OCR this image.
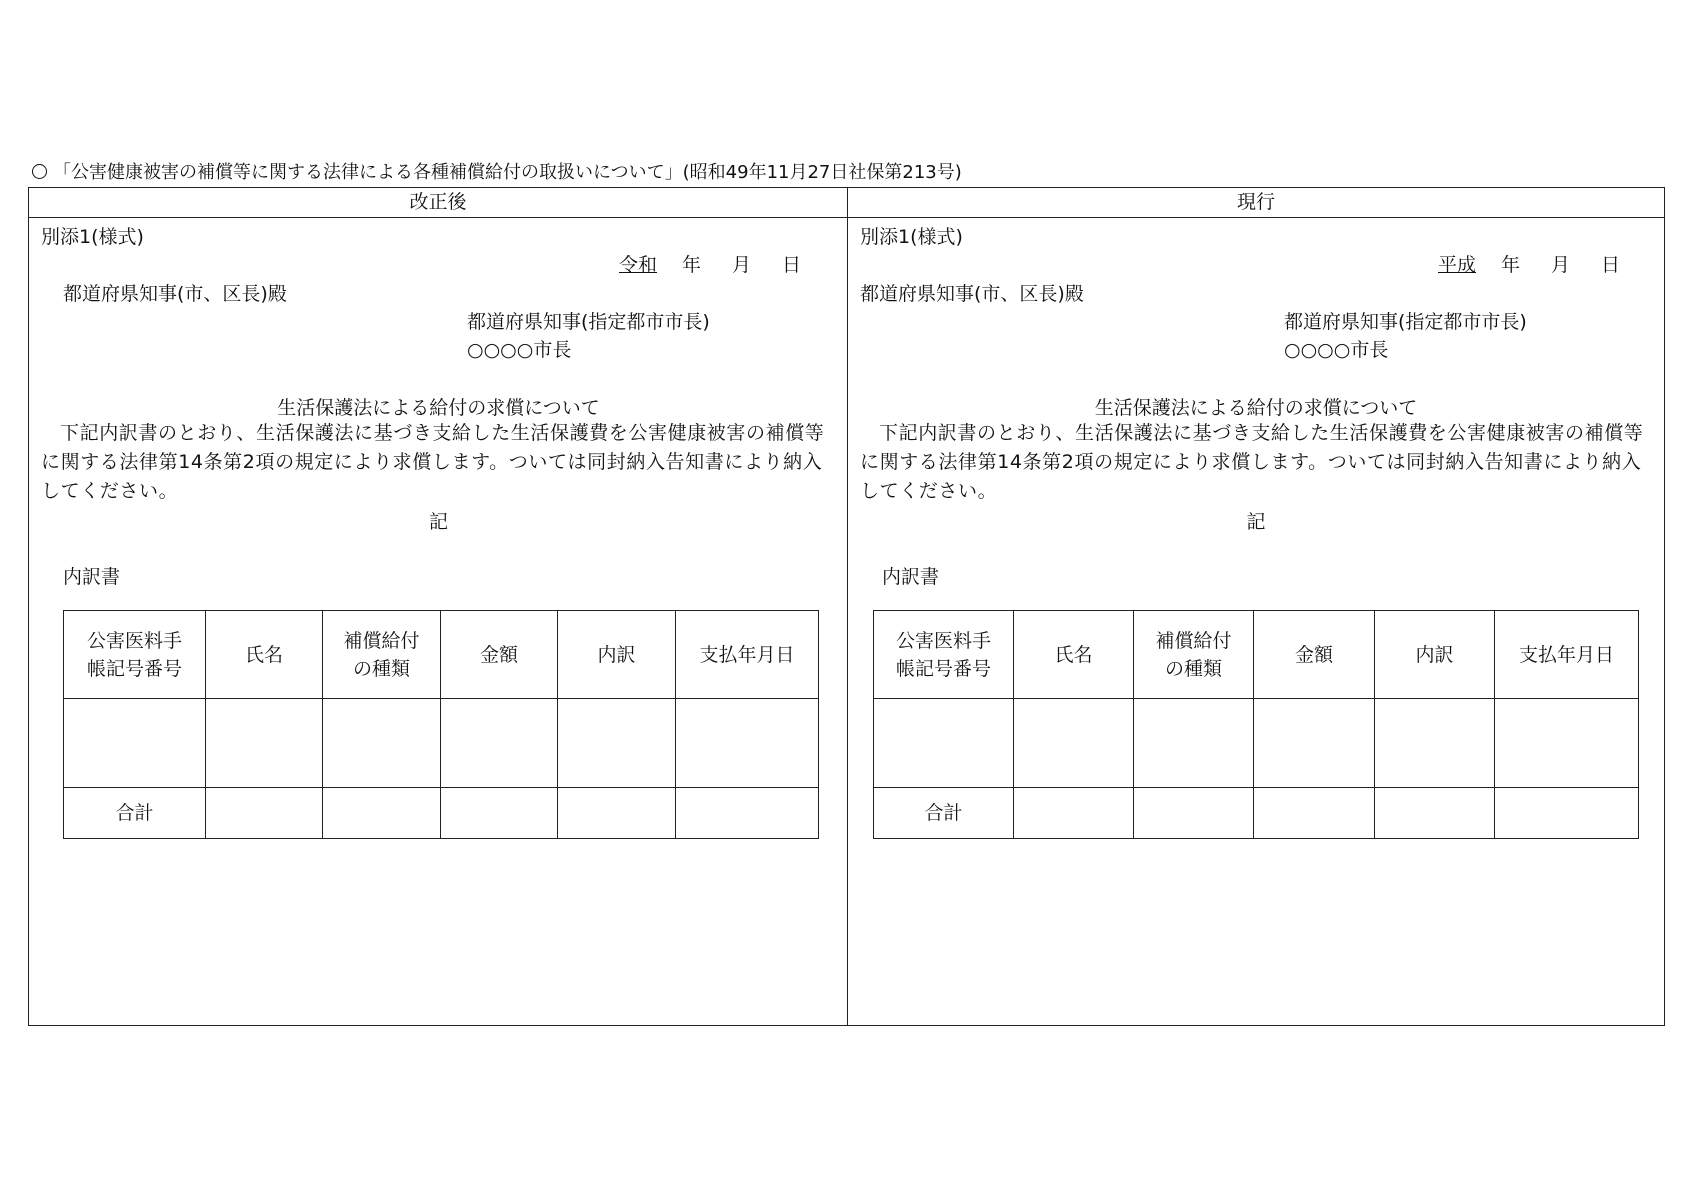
「公害健康被害の補償等に関する法律による各種補償給付の取扱いについて」(昭和49年11月27日社保第213号)
改正後
別添1(様式)
令和　年　月　日
都道府県知事(市、区長)殿
都道府県知事(指定都市市長)
○○○○市長
生活保護法による給付の求償について
下記内訳書のとおり、生活保護法に基づき支給した生活保護費を公害健康被害の補償等に関する法律第14条第2項の規定により求償します。ついては同封納入告知書により納入してください。
記
内訳書
公害医料手帳記号番号	氏名	補償給付の種類	金額	内訳	支払年月日

合計					
現行
別添1(様式)
平成　年　月　日
都道府県知事(市、区長)殿
都道府県知事(指定都市市長)
○○○○市長
生活保護法による給付の求償について
下記内訳書のとおり、生活保護法に基づき支給した生活保護費を公害健康被害の補償等に関する法律第14条第2項の規定により求償します。ついては同封納入告知書により納入してください。
記
内訳書
公害医料手帳記号番号	氏名	補償給付の種類	金額	内訳	支払年月日

合計					
